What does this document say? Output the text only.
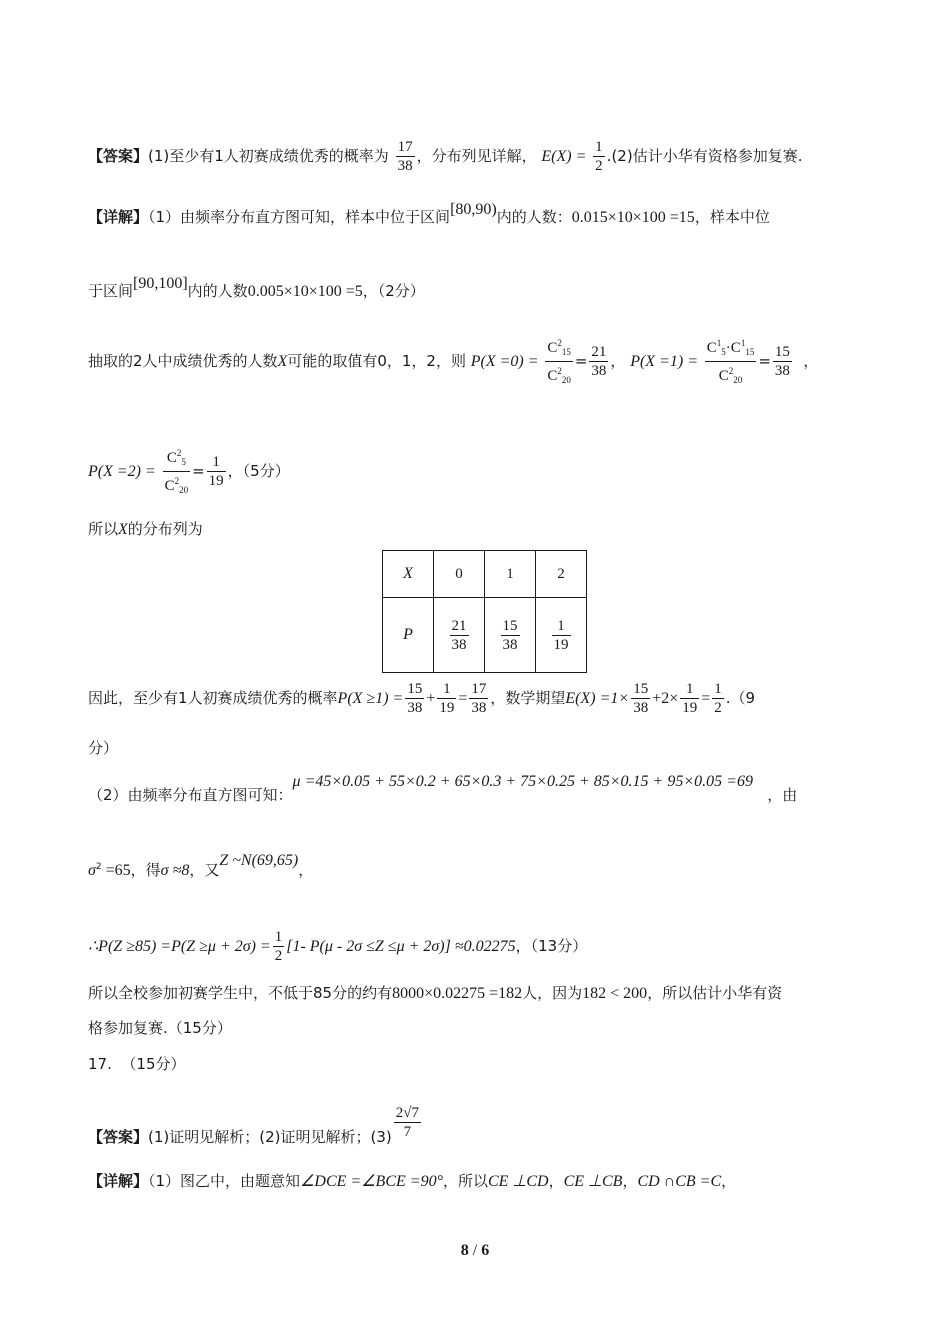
【答案】(1)至少有1人初赛成绩优秀的概率为 $\frac{17}{38}$ ，分布列见详解， $E(X) = \frac{1}{2} .(2)$估计小华有资格参加复赛.
【详解】（1）由频率分布直方图可知，样本中位于区间[80,90)内的人数：0.015×10×100 =15，样本中位
于区间[90,100]内的人数0.005×10×100 =5，（2分）
抽取的2人中成绩优秀的人数X可能的取值有0，1，2，则 $P(X =0) = \frac{C^2_{15}}{C^2_{20}} = \frac{21}{38}$ ， $P(X =1) = \frac{C^1_5\cdot C^1_{15}}{C^2_{20}} = \frac{15}{38}$ ，
$P(X =2) = \frac{C^2_5}{C^2_{20}} = \frac{1}{19}$ ，（5分）
所以X的分布列为
X	0	1	2
P	$\frac{21}{38}$	$\frac{15}{38}$	$\frac{1}{19}$
因此，至少有1人初赛成绩优秀的概率$P(X \ge 1) = \frac{15}{38} + \frac{1}{19} = \frac{17}{38}$ ，数学期望$E(X) =1\times \frac{15}{38} +2\times \frac{1}{19} = \frac{1}{2} .(9$
分）
（2）由频率分布直方图可知：μ =45×0.05 + 55×0.2 + 65×0.3 + 75×0.25 + 85×0.15 + 95×0.05 =69   ，由
$\sigma^2 =65$，得σ ≈8，又Z ~N(69,65)，
∴P(Z $\ge 85) =P(Z \ge\mu + 2\sigma) = \frac{1}{2} [1-$ P(μ - 2σ ≤Z ≤μ + 2σ)] ≈0.02275，（13分）
所以全校参加初赛学生中，不低于85分的约有8000×0.02275 =182人，因为182 < 200，所以估计小华有资
格参加复赛.（15分）
17. （15分）
【答案】(1)证明见解析；(2)证明见解析；$(3) \frac{2√7}{7}$
【详解】（1）图乙中，由题意知∠DCE =∠BCE =90°，所以CE ⊥CD，CE ⊥CB，CD ∩CB =C，
8 / 6
